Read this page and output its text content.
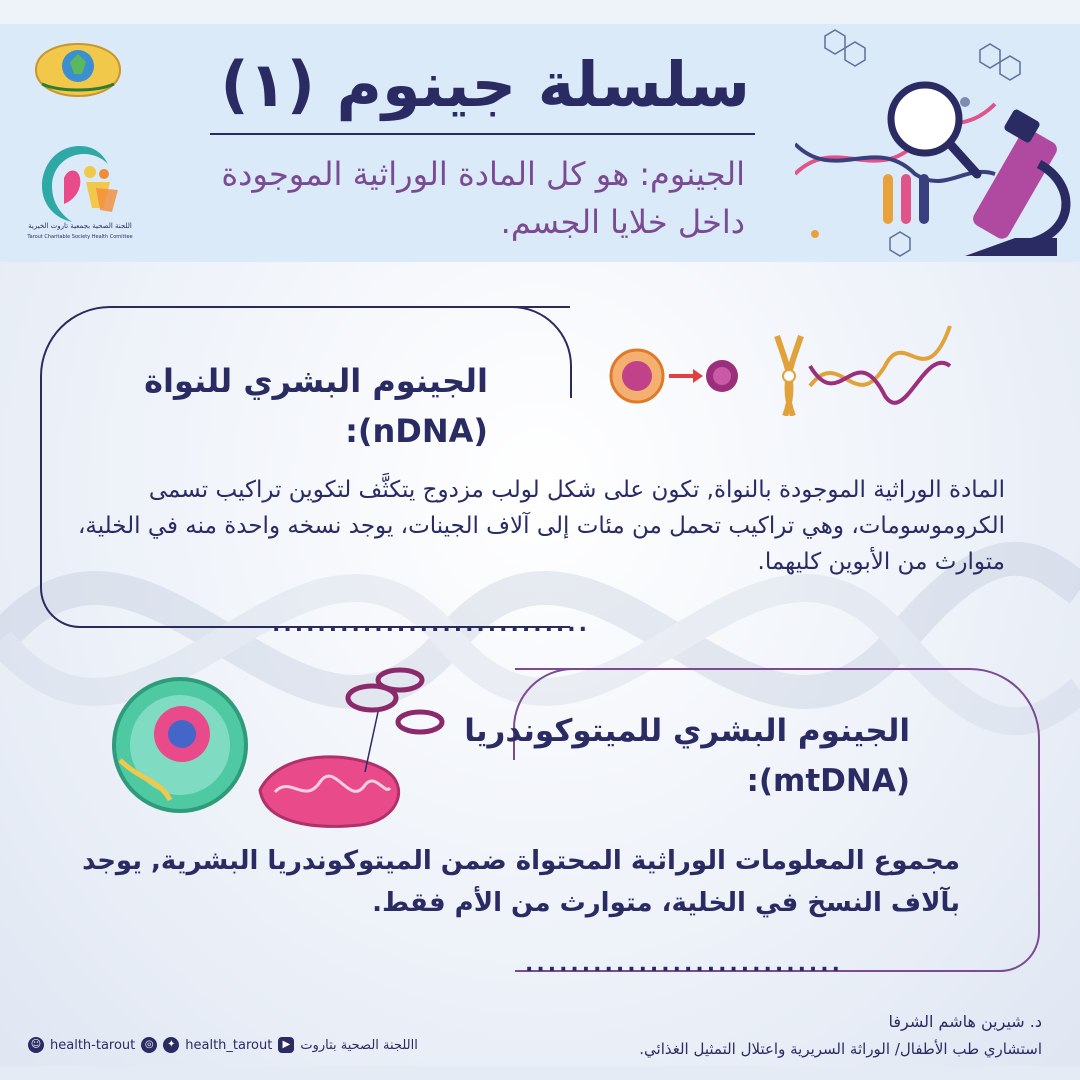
اللجنة الصحية بجمعية تاروت الخيرية
Tarout Charitable Society Health Comittee
سلسلة جينوم (١)
الجينوم: هو كل المادة الوراثية الموجودة داخل خلايا الجسم.
الجينوم البشري للنواة (nDNA):
المادة الوراثية الموجودة بالنواة, تكون على شكل لولب مزدوج يتكثَّف لتكوين تراكيب تسمى الكروموسومات، وهي تراكيب تحمل من مئات إلى آلاف الجينات، يوجد نسخه واحدة منه في الخلية، متوارث من الأبوين كليهما.
............................
الجينوم البشري للميتوكوندريا (mtDNA):
مجموع المعلومات الوراثية المحتواة ضمن الميتوكوندريا البشرية, يوجد بآلاف النسخ في الخلية، متوارث من الأم فقط.
............................
د. شيرين هاشم الشرفا
استشاري طب الأطفال/ الوراثة السريرية واعتلال التمثيل الغذائي.
☺ health-tarout ◎	✦ health_tarout	▶ االلجنة الصحية بتاروت
